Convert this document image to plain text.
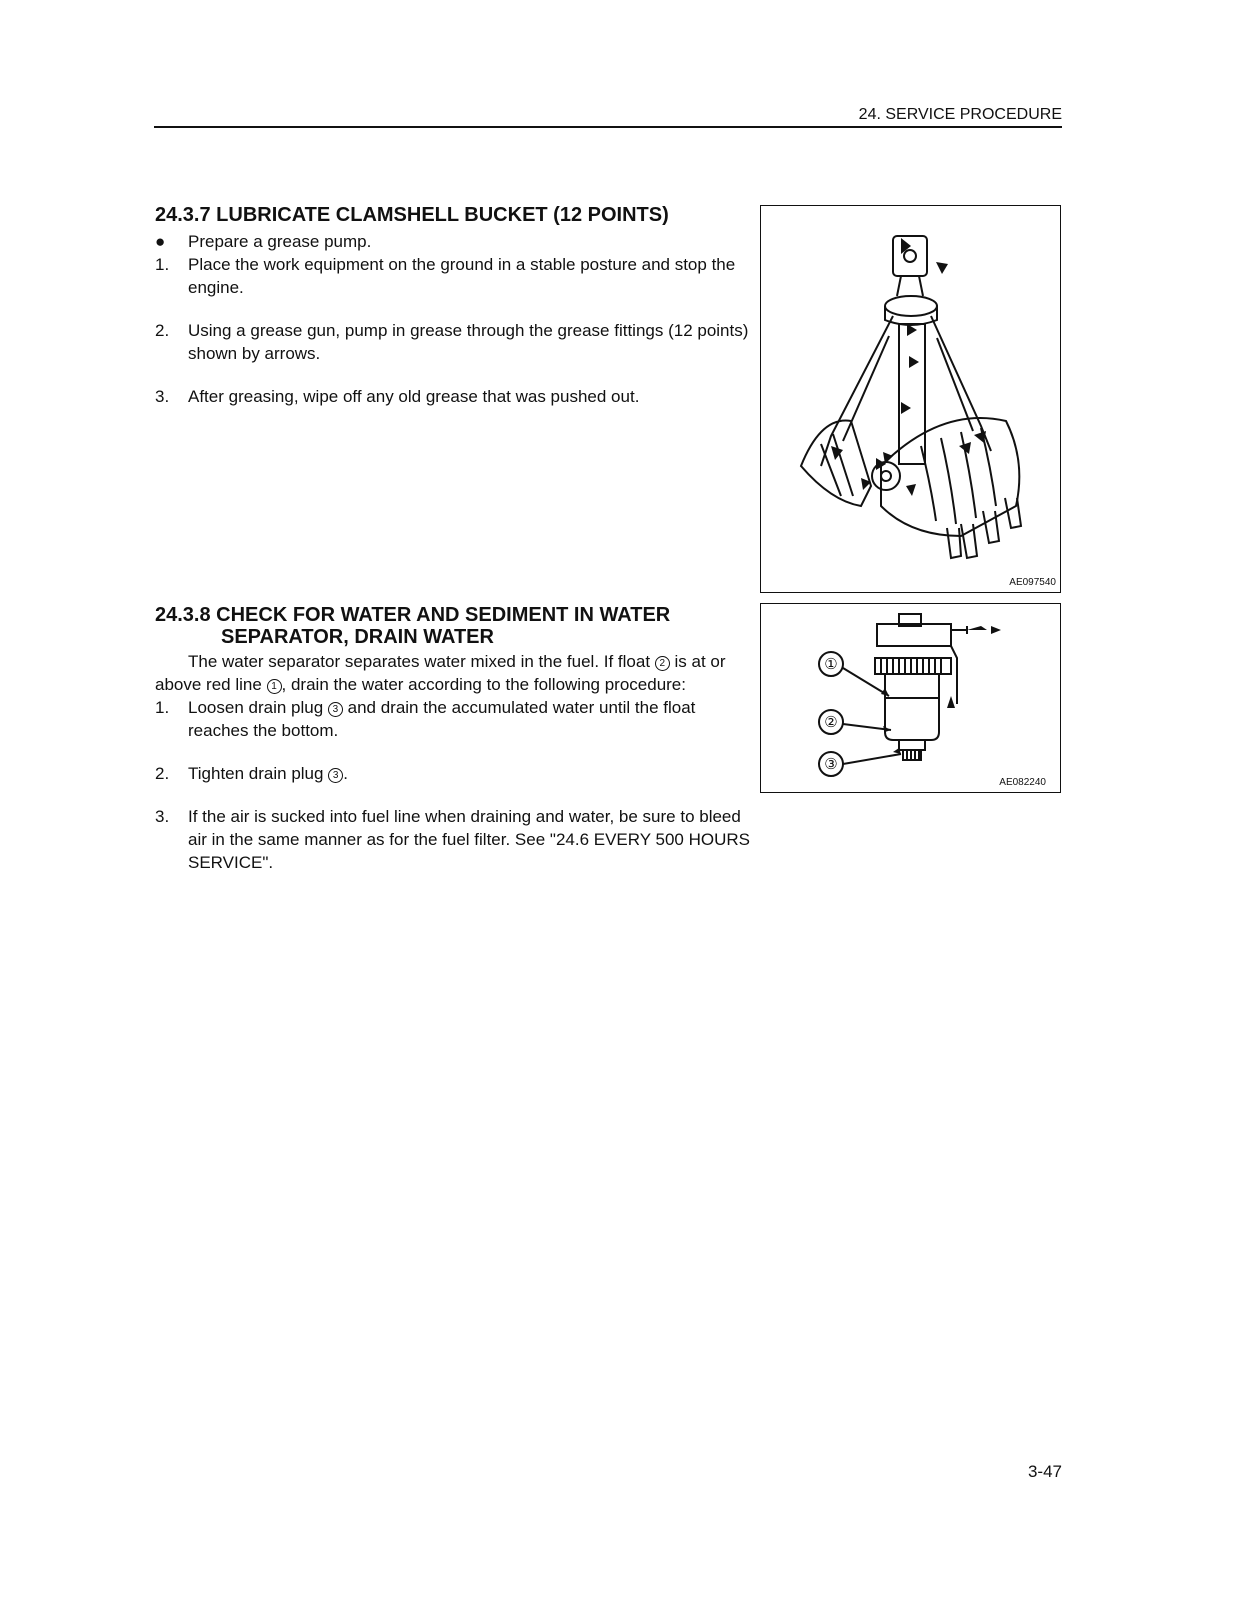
24. SERVICE PROCEDURE
24.3.7 LUBRICATE CLAMSHELL BUCKET (12 POINTS)
● Prepare a grease pump.
1. Place the work equipment on the ground in a stable posture and stop the engine.
2. Using a grease gun, pump in grease through the grease fittings (12 points) shown by arrows.
3. After greasing, wipe off any old grease that was pushed out.
AE097540
24.3.8 CHECK FOR WATER AND SEDIMENT IN WATER
SEPARATOR, DRAIN WATER

The water separator separates water mixed in the fuel. If float 2 is at or above red line 1 , drain the water according to the following procedure:

1. Loosen drain plug 3 and drain the accumulated water until the float reaches the bottom.
2. Tighten drain plug 3 .
3. If the air is sucked into fuel line when draining and water, be sure to bleed air in the same manner as for the fuel filter. See "24.6 EVERY 500 HOURS SERVICE".
①
②
③
AE082240
3-47
